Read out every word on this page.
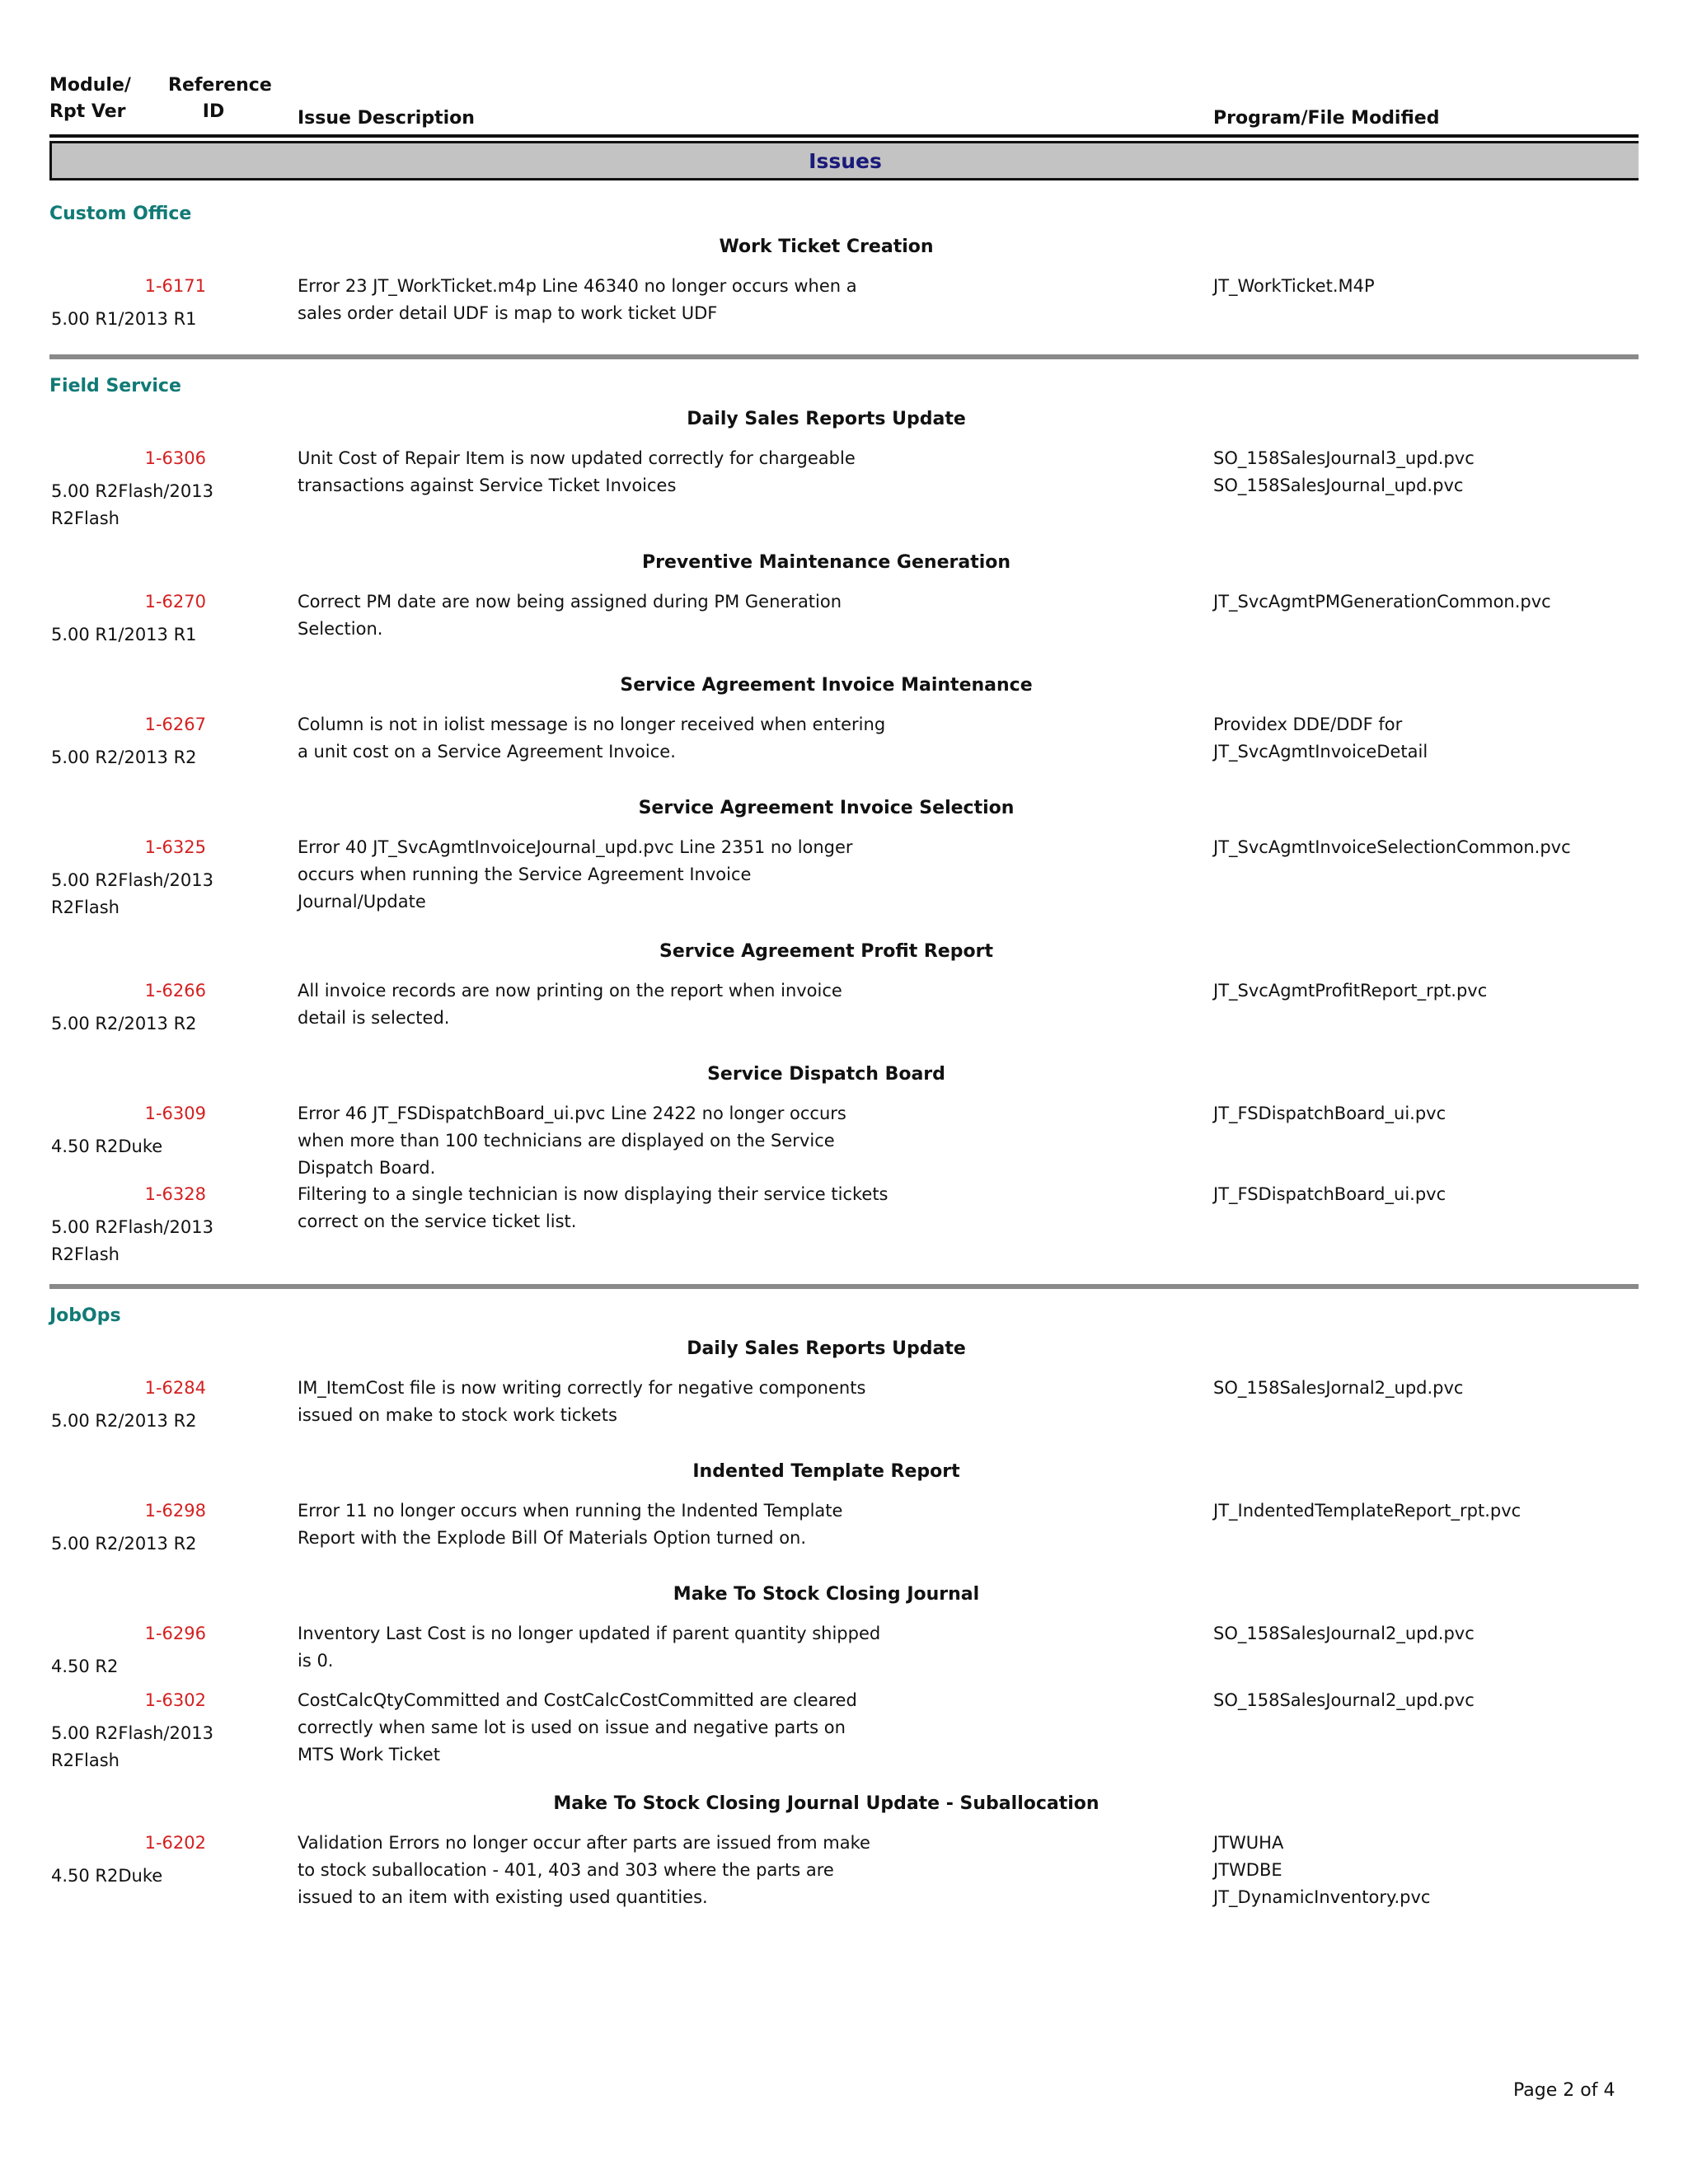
Module/
Rpt Ver
Reference
ID	Issue Description	Program/File Modified
Issues
Custom Office
Work Ticket Creation
1-6171
5.00 R1/2013 R1
Error 23 JT_WorkTicket.m4p Line 46340 no longer occurs when a
sales order detail UDF is map to work ticket UDF
JT_WorkTicket.M4P
Field Service
Daily Sales Reports Update
1-6306
5.00 R2Flash/2013
R2Flash
Unit Cost of Repair Item is now updated correctly for chargeable
transactions against Service Ticket Invoices
SO_158SalesJournal3_upd.pvc
SO_158SalesJournal_upd.pvc
Preventive Maintenance Generation
1-6270
5.00 R1/2013 R1
Correct PM date are now being assigned during PM Generation
Selection.
JT_SvcAgmtPMGenerationCommon.pvc
Service Agreement Invoice Maintenance
1-6267
5.00 R2/2013 R2
Column is not in iolist message is no longer received when entering
a unit cost on a Service Agreement Invoice.
Providex DDE/DDF for
JT_SvcAgmtInvoiceDetail
Service Agreement Invoice Selection
1-6325
5.00 R2Flash/2013
R2Flash
Error 40 JT_SvcAgmtInvoiceJournal_upd.pvc Line 2351 no longer
occurs when running the Service Agreement Invoice
Journal/Update
JT_SvcAgmtInvoiceSelectionCommon.pvc
Service Agreement Profit Report
1-6266
5.00 R2/2013 R2
All invoice records are now printing on the report when invoice
detail is selected.
JT_SvcAgmtProfitReport_rpt.pvc
Service Dispatch Board
1-6309
4.50 R2Duke
Error 46 JT_FSDispatchBoard_ui.pvc Line 2422 no longer occurs
when more than 100 technicians are displayed on the Service
Dispatch Board.
JT_FSDispatchBoard_ui.pvc
1-6328
5.00 R2Flash/2013
R2Flash
Filtering to a single technician is now displaying their service tickets
correct on the service ticket list.
JT_FSDispatchBoard_ui.pvc
JobOps
Daily Sales Reports Update
1-6284
5.00 R2/2013 R2
IM_ItemCost file is now writing correctly for negative components
issued on make to stock work tickets
SO_158SalesJornal2_upd.pvc
Indented Template Report
1-6298
5.00 R2/2013 R2
Error 11 no longer occurs when running the Indented Template
Report with the Explode Bill Of Materials Option turned on.
JT_IndentedTemplateReport_rpt.pvc
Make To Stock Closing Journal
1-6296
4.50 R2
Inventory Last Cost is no longer updated if parent quantity shipped
is 0.
SO_158SalesJournal2_upd.pvc
1-6302
5.00 R2Flash/2013
R2Flash
CostCalcQtyCommitted and CostCalcCostCommitted are cleared
correctly when same lot is used on issue and negative parts on
MTS Work Ticket
SO_158SalesJournal2_upd.pvc
Make To Stock Closing Journal Update - Suballocation
1-6202
4.50 R2Duke
Validation Errors no longer occur after parts are issued from make
to stock suballocation - 401, 403 and 303 where the parts are
issued to an item with existing used quantities.
JTWUHA
JTWDBE
JT_DynamicInventory.pvc
Page 2 of 4
